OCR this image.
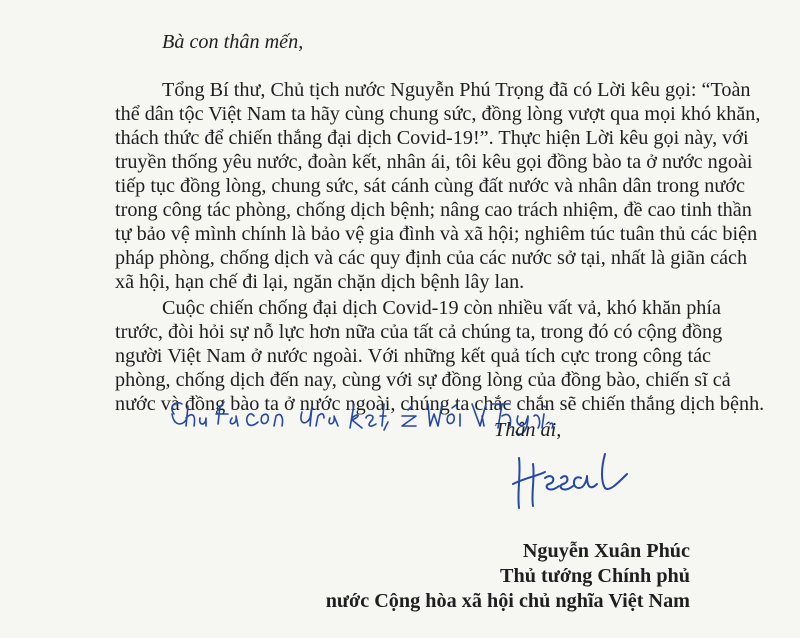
Bà con thân mến,
Tổng Bí thư, Chủ tịch nước Nguyễn Phú Trọng đã có Lời kêu gọi: “Toàn
thể dân tộc Việt Nam ta hãy cùng chung sức, đồng lòng vượt qua mọi khó khăn,
thách thức để chiến thắng đại dịch Covid-19!”. Thực hiện Lời kêu gọi này, với
truyền thống yêu nước, đoàn kết, nhân ái, tôi kêu gọi đồng bào ta ở nước ngoài
tiếp tục đồng lòng, chung sức, sát cánh cùng đất nước và nhân dân trong nước
trong công tác phòng, chống dịch bệnh; nâng cao trách nhiệm, đề cao tinh thần
tự bảo vệ mình chính là bảo vệ gia đình và xã hội; nghiêm túc tuân thủ các biện
pháp phòng, chống dịch và các quy định của các nước sở tại, nhất là giãn cách
xã hội, hạn chế đi lại, ngăn chặn dịch bệnh lây lan.
Cuộc chiến chống đại dịch Covid-19 còn nhiều vất vả, khó khăn phía
trước, đòi hỏi sự nỗ lực hơn nữa của tất cả chúng ta, trong đó có cộng đồng
người Việt Nam ở nước ngoài. Với những kết quả tích cực trong công tác
phòng, chống dịch đến nay, cùng với sự đồng lòng của đồng bào, chiến sĩ cả
nước và đồng bào ta ở nước ngoài, chúng ta chắc chắn sẽ chiến thắng dịch bệnh.
Thân ái,
Nguyễn Xuân Phúc
Thủ tướng Chính phủ
nước Cộng hòa xã hội chủ nghĩa Việt Nam
